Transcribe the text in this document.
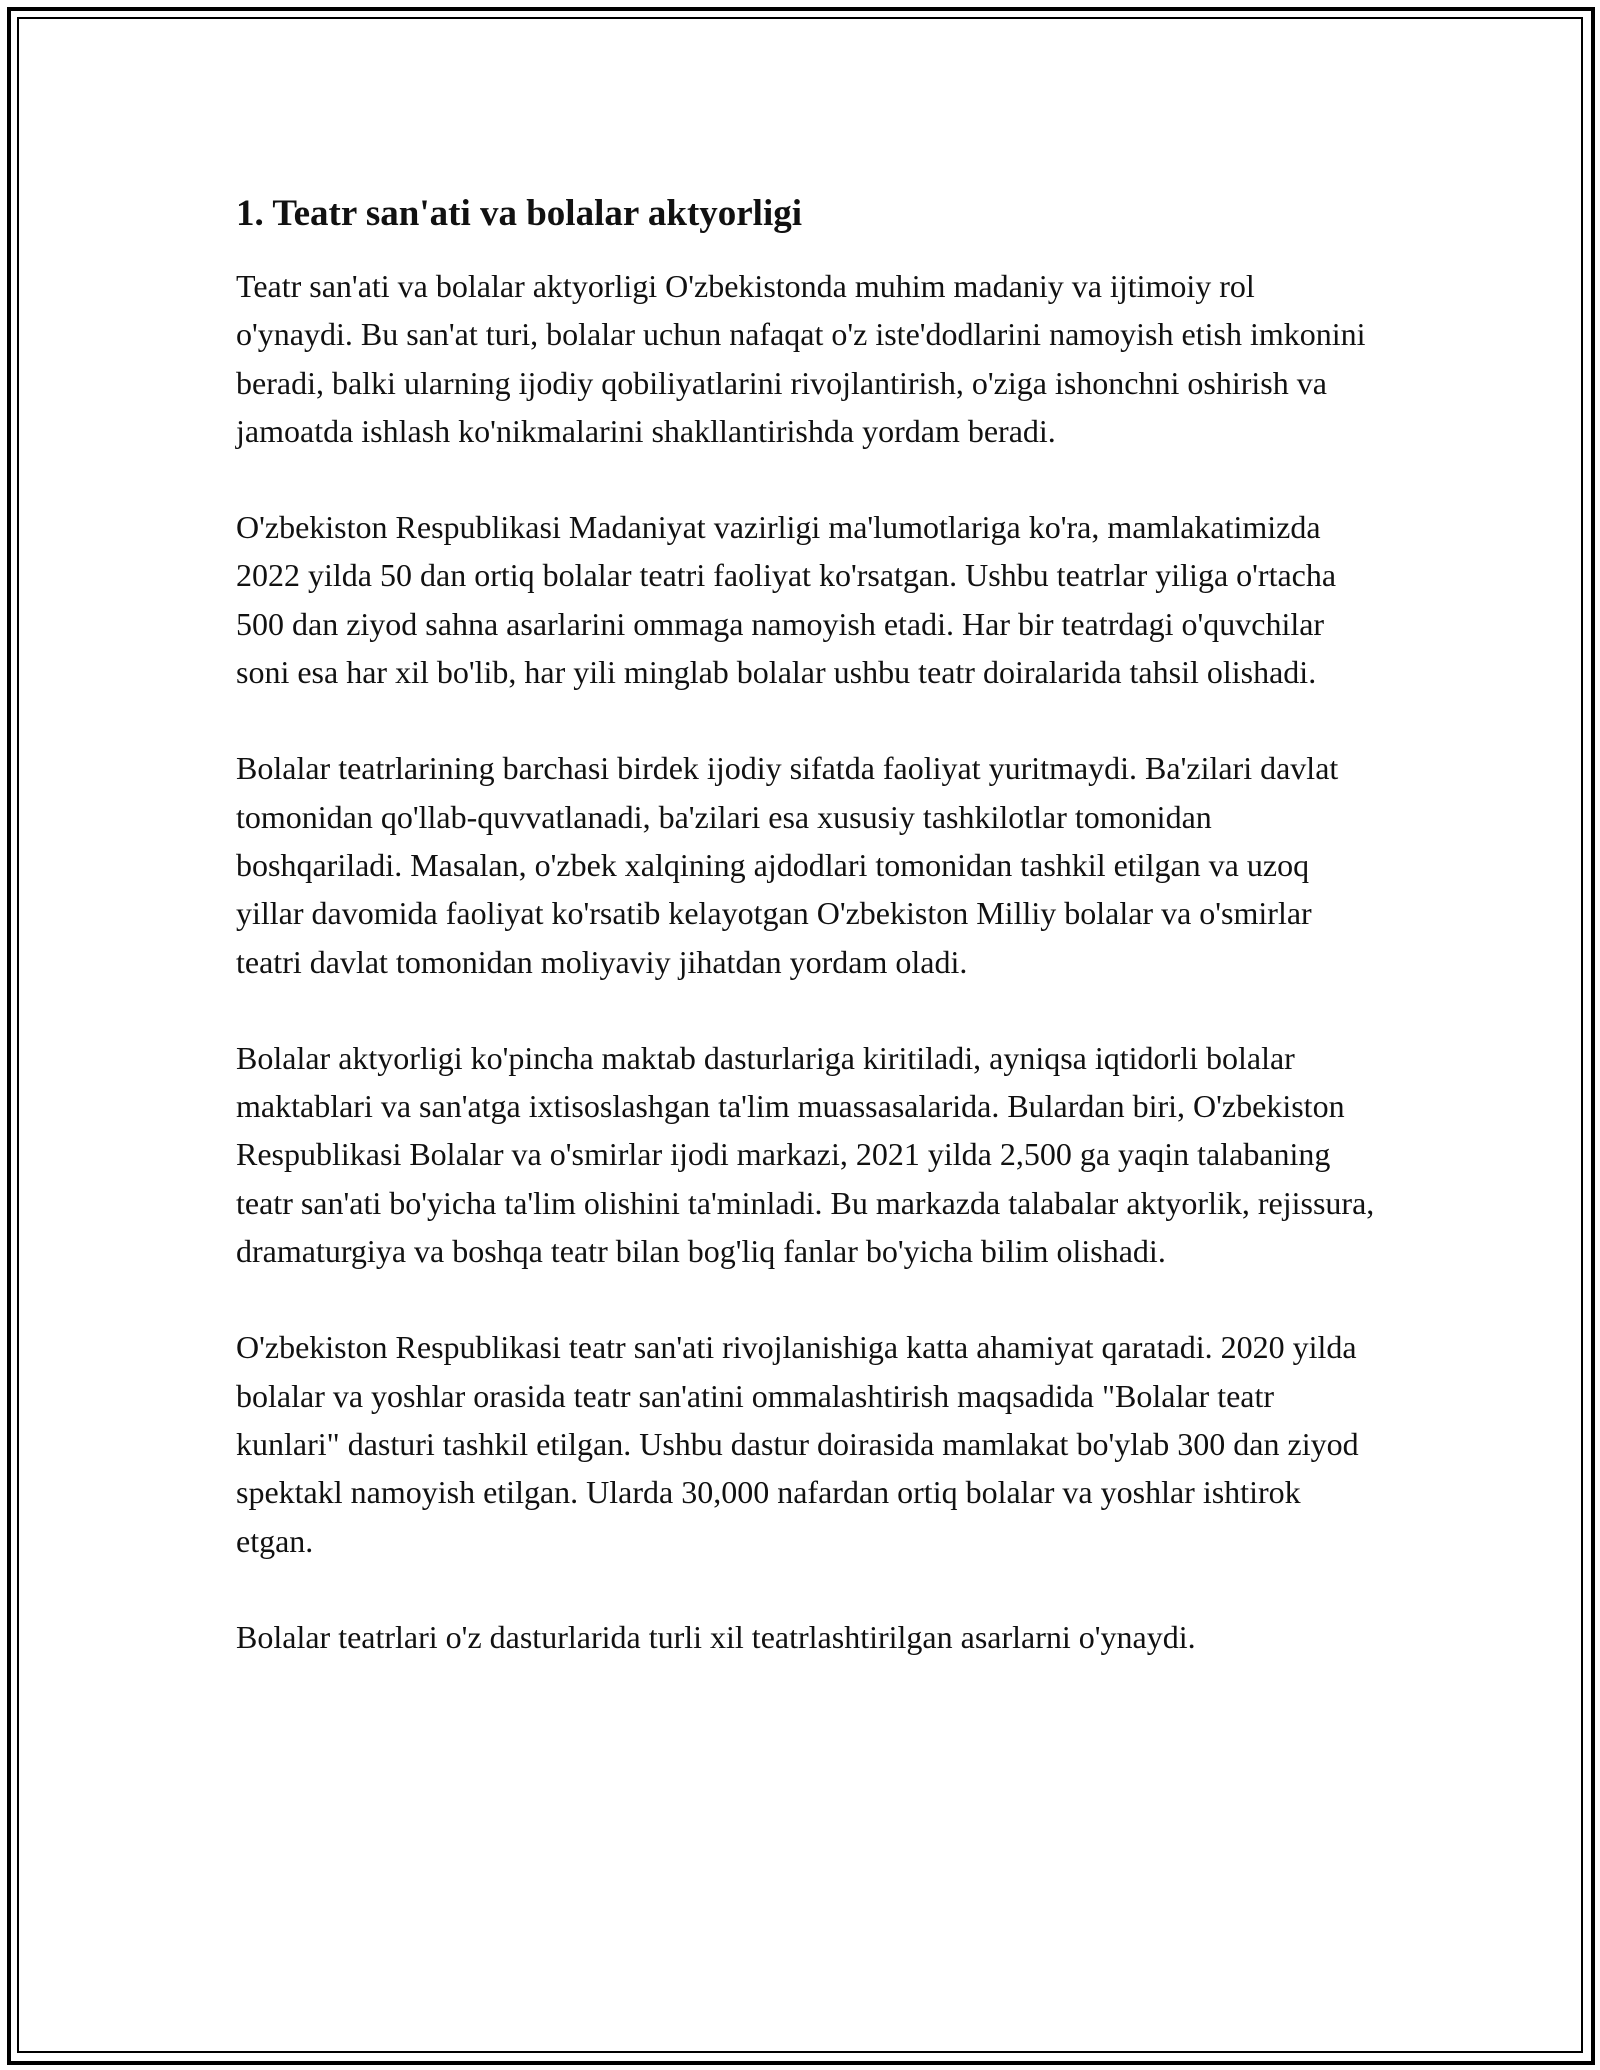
1. Teatr san'ati va bolalar aktyorligi

Teatr san'ati va bolalar aktyorligi O'zbekistonda muhim madaniy va ijtimoiy rol o'ynaydi. Bu san'at turi, bolalar uchun nafaqat o'z iste'dodlarini namoyish etish imkonini beradi, balki ularning ijodiy qobiliyatlarini rivojlantirish, o'ziga ishonchni oshirish va jamoatda ishlash ko'nikmalarini shakllantirishda yordam beradi.

O'zbekiston Respublikasi Madaniyat vazirligi ma'lumotlariga ko'ra, mamlakatimizda 2022 yilda 50 dan ortiq bolalar teatri faoliyat ko'rsatgan. Ushbu teatrlar yiliga o'rtacha 500 dan ziyod sahna asarlarini ommaga namoyish etadi. Har bir teatrdagi o'quvchilar soni esa har xil bo'lib, har yili minglab bolalar ushbu teatr doiralarida tahsil olishadi.

Bolalar teatrlarining barchasi birdek ijodiy sifatda faoliyat yuritmaydi. Ba'zilari davlat tomonidan qo'llab-quvvatlanadi, ba'zilari esa xususiy tashkilotlar tomonidan boshqariladi. Masalan, o'zbek xalqining ajdodlari tomonidan tashkil etilgan va uzoq yillar davomida faoliyat ko'rsatib kelayotgan O'zbekiston Milliy bolalar va o'smirlar teatri davlat tomonidan moliyaviy jihatdan yordam oladi.

Bolalar aktyorligi ko'pincha maktab dasturlariga kiritiladi, ayniqsa iqtidorli bolalar maktablari va san'atga ixtisoslashgan ta'lim muassasalarida. Bulardan biri, O'zbekiston Respublikasi Bolalar va o'smirlar ijodi markazi, 2021 yilda 2,500 ga yaqin talabaning teatr san'ati bo'yicha ta'lim olishini ta'minladi. Bu markazda talabalar aktyorlik, rejissura, dramaturgiya va boshqa teatr bilan bog'liq fanlar bo'yicha bilim olishadi.

O'zbekiston Respublikasi teatr san'ati rivojlanishiga katta ahamiyat qaratadi. 2020 yilda bolalar va yoshlar orasida teatr san'atini ommalashtirish maqsadida "Bolalar teatr kunlari" dasturi tashkil etilgan. Ushbu dastur doirasida mamlakat bo'ylab 300 dan ziyod spektakl namoyish etilgan. Ularda 30,000 nafardan ortiq bolalar va yoshlar ishtirok etgan.

Bolalar teatrlari o'z dasturlarida turli xil teatrlashtirilgan asarlarni o'ynaydi.
